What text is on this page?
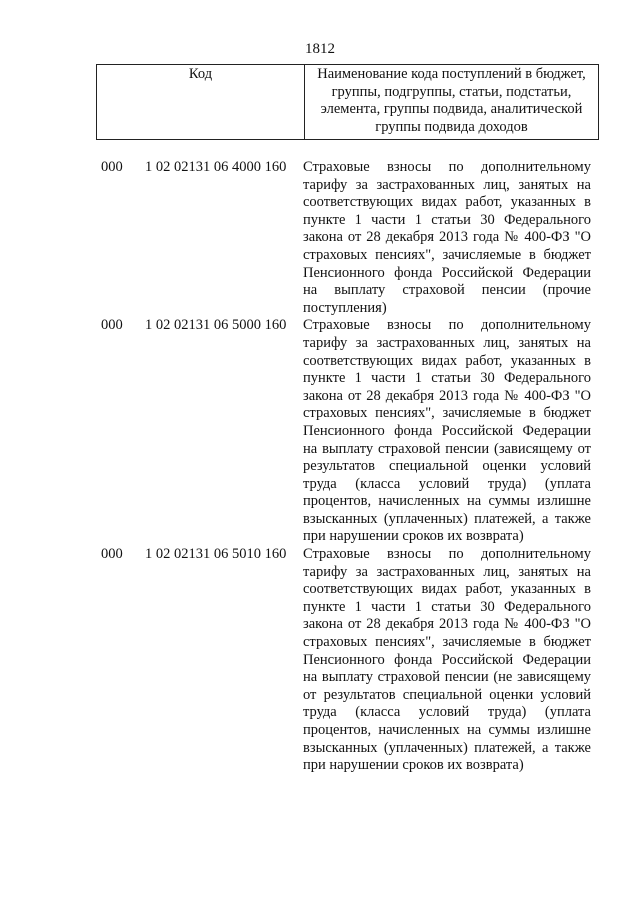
1812
Код	Наименование кода поступлений в бюджет,
группы, подгруппы, статьи, подстатьи,
элемента, группы подвида, аналитической
группы подвида доходов
000	1 02 02131 06 4000 160	Страховые взносы по дополнительному тарифу за застрахованных лиц, занятых на соответствующих видах работ, указанных в пункте 1 части 1 статьи 30 Федерального закона от 28 декабря 2013 года № 400-ФЗ "О страховых пенсиях", зачисляемые в бюджет Пенсионного фонда Российской Федерации на выплату страховой пенсии (прочие поступления)
000	1 02 02131 06 5000 160	Страховые взносы по дополнительному тарифу за застрахованных лиц, занятых на соответствующих видах работ, указанных в пункте 1 части 1 статьи 30 Федерального закона от 28 декабря 2013 года № 400-ФЗ "О страховых пенсиях", зачисляемые в бюджет Пенсионного фонда Российской Федерации на выплату страховой пенсии (зависящему от результатов специальной оценки условий труда (класса условий труда) (уплата процентов, начисленных на суммы излишне взысканных (уплаченных) платежей, а также при нарушении сроков их возврата)
000	1 02 02131 06 5010 160	Страховые взносы по дополнительному тарифу за застрахованных лиц, занятых на соответствующих видах работ, указанных в пункте 1 части 1 статьи 30 Федерального закона от 28 декабря 2013 года № 400-ФЗ "О страховых пенсиях", зачисляемые в бюджет Пенсионного фонда Российской Федерации на выплату страховой пенсии (не зависящему от результатов специальной оценки условий труда (класса условий труда) (уплата процентов, начисленных на суммы излишне взысканных (уплаченных) платежей, а также при нарушении сроков их возврата)
